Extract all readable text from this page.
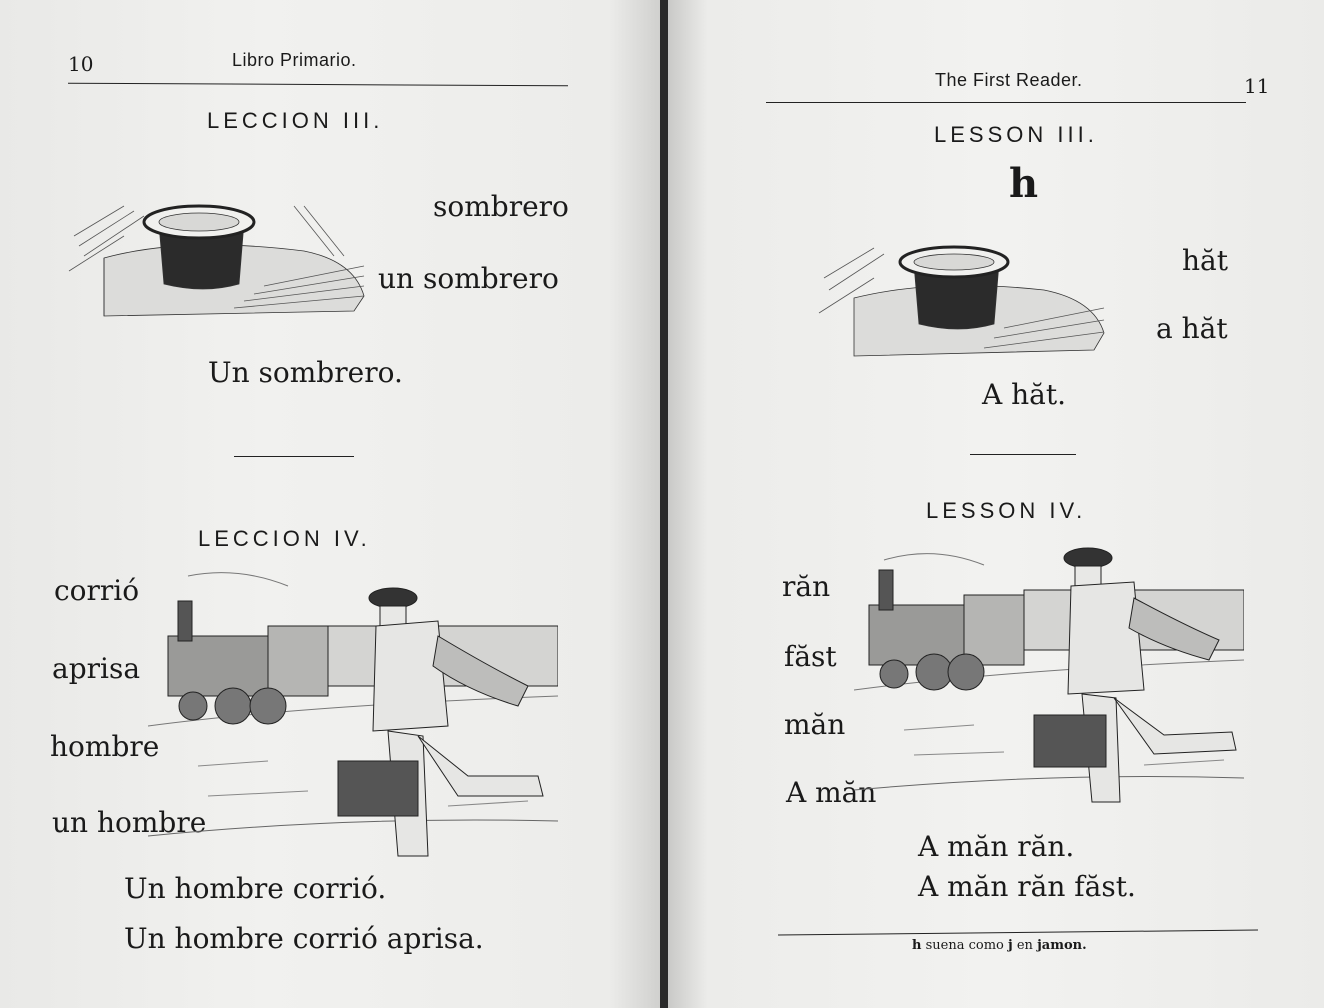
10	Libro Primario.
LECCION III.
sombrero
un sombrero
Un sombrero.
LECCION IV.
corrió
aprisa
hombre
un hombre
Un hombre corrió.
Un hombre corrió aprisa.
The First Reader.	11
LESSON III.
h
hăt
a hăt
A hăt.
LESSON IV.
răn
făst
măn
A măn
A măn răn.
A măn răn făst.
h suena como j en jamon.
